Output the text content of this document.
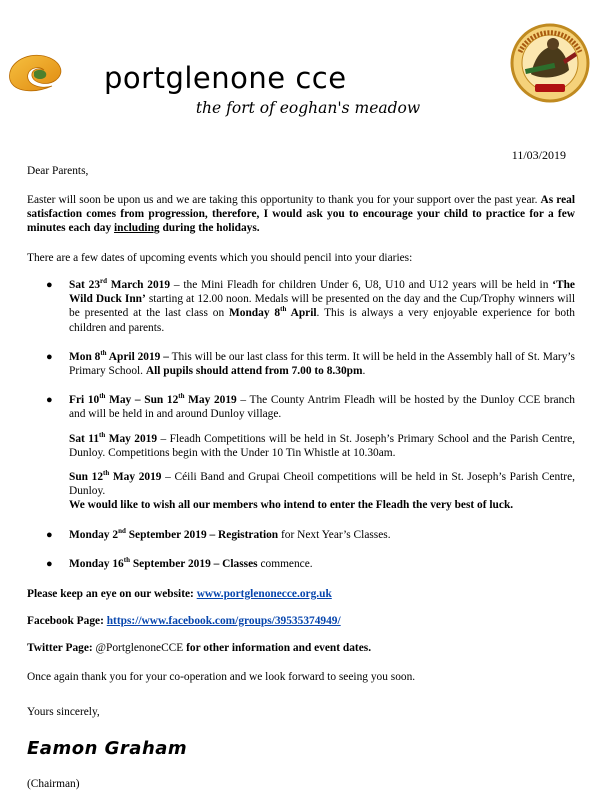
portglenone cce
the fort of eoghan's meadow
11/03/2019

Dear Parents,

Easter will soon be upon us and we are taking this opportunity to thank you for your support over the past year. As real satisfaction comes from progression, therefore, I would ask you to encourage your child to practice for a few minutes each day including during the holidays.

There are a few dates of upcoming events which you should pencil into your diaries:

● Sat 23rd March 2019 – the Mini Fleadh for children Under 6, U8, U10 and U12 years will be held in ‘The Wild Duck Inn’ starting at 12.00 noon. Medals will be presented on the day and the Cup/Trophy winners will be presented at the last class on Monday 8th April. This is always a very enjoyable experience for both children and parents.
● Mon 8th April 2019 – This will be our last class for this term. It will be held in the Assembly hall of St. Mary’s Primary School. All pupils should attend from 7.00 to 8.30pm.
● Fri 10th May – Sun 12th May 2019 – The County Antrim Fleadh will be hosted by the Dunloy CCE branch and will be held in and around Dunloy village.

Sat 11th May 2019 – Fleadh Competitions will be held in St. Joseph’s Primary School and the Parish Centre, Dunloy. Competitions begin with the Under 10 Tin Whistle at 10.30am.

Sun 12th May 2019 – Céili Band and Grupai Cheoil competitions will be held in St. Joseph’s Parish Centre, Dunloy.

We would like to wish all our members who intend to enter the Fleadh the very best of luck.

● Monday 2nd September 2019 – Registration for Next Year’s Classes.
● Monday 16th September 2019 – Classes commence.

Please keep an eye on our website: www.portglenonecce.org.uk

Facebook Page: https://www.facebook.com/groups/39535374949/

Twitter Page: @PortglenoneCCE for other information and event dates.

Once again thank you for your co-operation and we look forward to seeing you soon.

Yours sincerely,

Eamon Graham

(Chairman)
